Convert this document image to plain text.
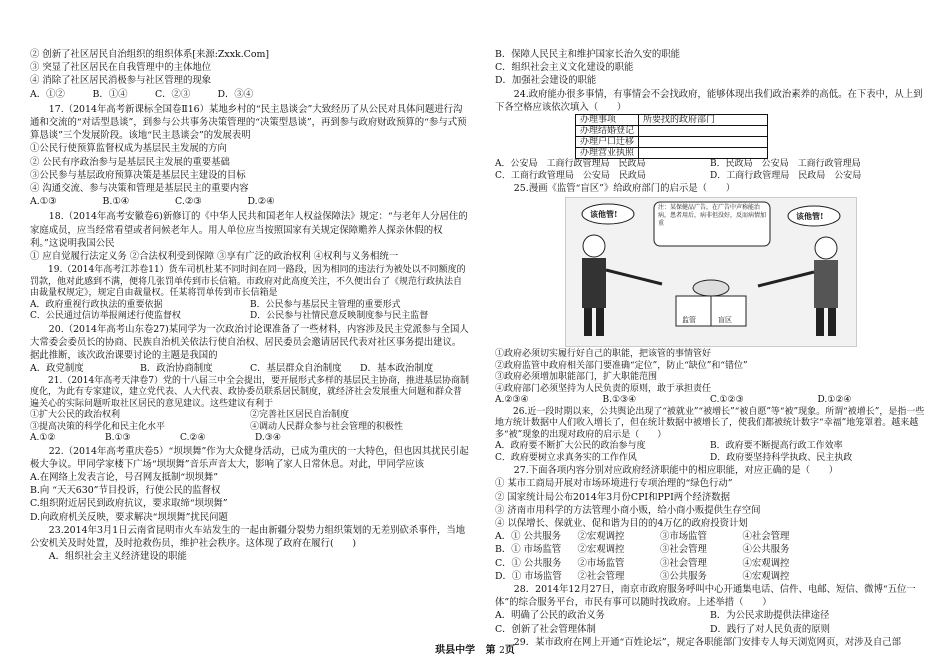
② 创新了社区居民自治组织的组织体系[来源:Zxxk.Com]

③ 突显了社区居民在自我管理中的主体地位

④ 消除了社区居民消极参与社区管理的现象

A．①②	B．①④	C．②③	D．③④

17.（2014年高考新课标全国卷Ⅱ16）某地乡村的“民主恳谈会”大致经历了从公民对具体问题进行沟通和交流的“对话型恳谈”，到参与公共事务决策管理的“决策型恳谈”，再到参与政府财政预算的“参与式预算恳谈”三个发展阶段。该地“民主恳谈会”的发展表明

①公民行使预算监督权成为基层民主发展的方向

② 公民有序政治参与是基层民主发展的重要基础

③公民参与基层政府预算决策是基层民主建设的目标

④ 沟通交流、参与决策和管理是基层民主的重要内容

A.①③	B.①④	C.②③	D.②④

18.（2014年高考安徽卷6)新修订的《中华人民共和国老年人权益保障法》规定：“与老年人分居住的家庭成员，应当经常看望或者问候老年人。用人单位应当按照国家有关规定保障赡养人探亲休假的权利。”这说明我国公民

① 应自觉履行法定义务 ②合法权利受到保障 ③享有广泛的政治权利 ④权利与义务相统一

19.（2014年高考江苏卷11）货车司机杜某不同时间在同一路段，因为相同的违法行为被处以不同额度的罚款，他对此感到不满，便将几张罚单传到市长信箱。市政府对此高度关注，不久便出台了《规范行政执法自由裁量权规定》，规定自由裁量权。任某将罚单传到市长信箱是

A．政府重视行政执法的重要依据	B．公民参与基层民主管理的重要形式
C．公民通过信访举报阐述行使监督权	D．公民参与社情民意反映制度参与民主监督

20.（2014年高考山东卷27)某同学为一次政治讨论课准备了一些材料，内容涉及民主党派参与全国人大常委会委员长的协商、民族自治机关依法行使自治权、居民委员会邀请居民代表对社区事务提出建议。据此推断，该次政治课要讨论的主题是我国的

A．政党制度	B．政治协商制度	C．基层群众自治制度	D．基本政治制度

21.（2014年高考天津卷7）党的十八届三中全会提出，要开展形式多样的基层民主协商，推进基层协商制度化，为此有专家建议，建立党代表、人大代表、政协委员联系居民制度，就经济社会发展重大问题和群众普遍关心的实际问题听取社区居民的意见建议。这些建议有利于

①扩大公民的政治权利	②完善社区居民自治制度
③提高决策的科学化和民主化水平	④调动人民群众参与社会管理的积极性
A.①②	B.①③	C.②④	D.③④

22.（2014年高考重庆卷5）“坝坝舞”作为大众健身活动，已成为重庆的一大特色，但也因其扰民引起极大争议。甲同学家楼下广场“坝坝舞”音乐声音太大，影响了家人日常休息。对此，甲同学应该

A.在网络上发表言论，号召网友抵制“坝坝舞”

B.向 “天天630”节目投诉，行使公民的监督权

C.组织附近居民到政府抗议，要求取缔“坝坝舞”

D.向政府机关反映，要求解决“坝坝舞”扰民问题

23.2014年3月1日云南省昆明市火车站发生的一起由新疆分裂势力组织策划的无差别砍杀事件，当地公安机关及时处置，及时抢救伤员，维护社会秩序。这体现了政府在履行(　　)

A．组织社会主义经济建设的职能

B．保障人民民主和维护国家长治久安的职能

C．组织社会主义文化建设的职能

D．加强社会建设的职能

24.政府能办很多事情，有事情会不会找政府，能够体现出我们政治素养的高低。在下表中，从上到下各空格应该依次填入（　　）

办理事项	所要找的政府部门
办理结婚登记	
办理户口迁移	
办理营业执照	
A．公安局　工商行政管理局　民政局	B．民政局　公安局　工商行政管理局
C．工商行政管理局　公安局　民政局	D．工商行政管理局　民政局　公安局

25.漫画《监管“盲区”》给政府部门的启示是（　　）

该他管!	该他管!
注：某保健品广告，在广告中声称能治病，患者用后，病非但没好，反而病情加重
监管	盲区

①政府必须切实履行好自己的职能，把该管的事情管好

②政府监管中政府相关部门要准确“定位”，防止“缺位”和“错位”

③政府必须增加职能部门，扩大职能范围

④政府部门必须坚持为人民负责的原则，敢于承担责任

A.②③④	B.①③④	C.①②③	D.①②④

26.近一段时期以来，公共舆论出现了“被就业”“被增长”“被自愿”等“被”现象。所谓“被增长”，是指一些地方统计数据中人们收入增长了，但在统计数据中被增长了，使我们都被统计数字“幸福”地笼罩着。越来越多“被”现象的出现对政府的启示是（　　）

A．政府要不断扩大公民的政治参与度	B．政府要不断提高行政工作效率
C．政府要树立求真务实的工作作风	D．政府要坚持科学执政、民主执政

27.下面各项内容分别对应政府经济职能中的相应职能，对应正确的是（　　）

① 某市工商局开展对市场环境进行专项治理的“绿色行动”

② 国家统计局公布2014年3月份CPI和PPI两个经济数据

③ 济南市用科学的方法管理小商小贩，给小商小贩提供生存空间

④ 以保增长、保就业、促和谐为目的的4万亿的政府投资计划

A．① 公共服务	②宏观调控	③市场监管	④社会管理
B．① 市场监管	②宏观调控	③社会管理	④公共服务
C．① 公共服务	②市场监管	③社会管理	④宏观调控
D．① 市场监管	②社会管理	③公共服务	④宏观调控

28．2014年12月27日，南京市政府服务呼叫中心开通集电话、信件、电邮、短信、微博“五位一体”的综合服务平台，市民有事可以随时找政府。上述举措（　　）

A．明确了公民的政治义务	B．为公民求助提供法律途径
C．创新了社会管理体制	D．践行了对人民负责的原则

29．某市政府在网上开通“百姓论坛”，规定各职能部门安排专人每天浏览网页，对涉及自己部

珙县中学 第 2页
